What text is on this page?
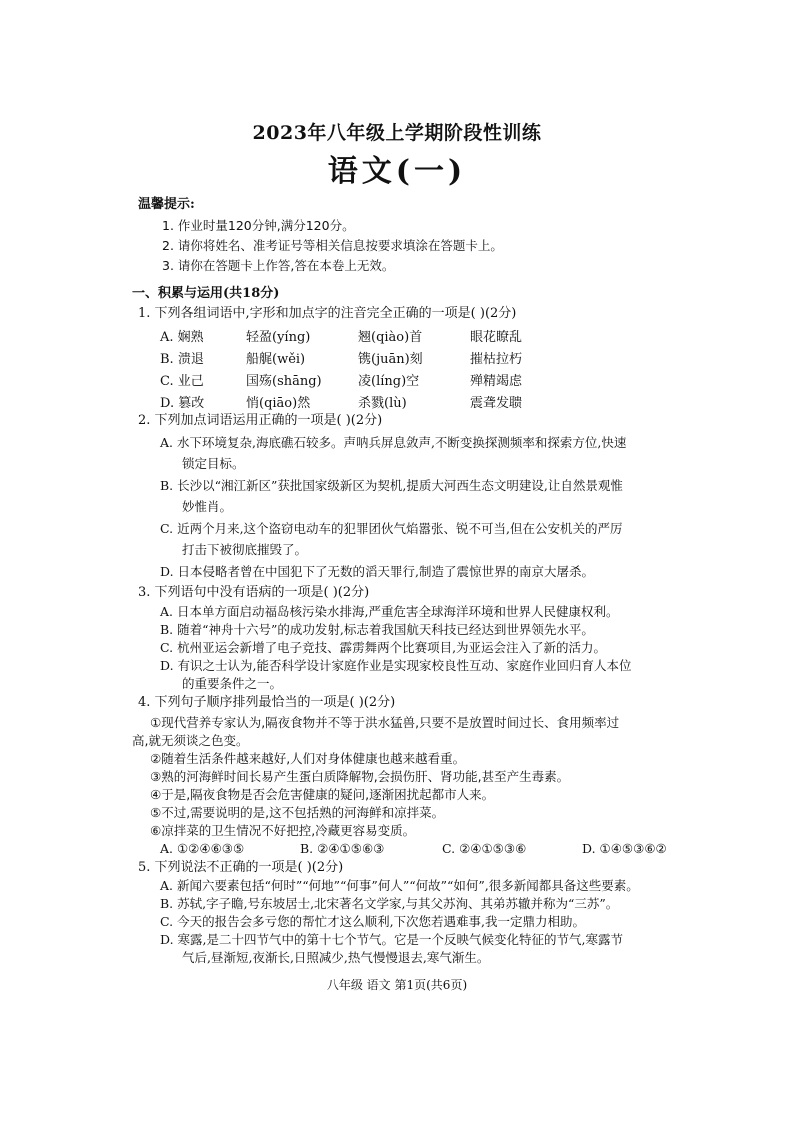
2023年八年级上学期阶段性训练
语文(一)
温馨提示:
1. 作业时量120分钟,满分120分。
2. 请你将姓名、准考证号等相关信息按要求填涂在答题卡上。
3. 请你在答题卡上作答,答在本卷上无效。
一、积累与运用(共18分)
1. 下列各组词语中,字形和加点字的注音完全正确的一项是( )(2分)
A. 娴熟	轻盈(yíng)	翘(qiào)首	眼花瞭乱
B. 溃退	船艉(wěi)	镌(juān)刻	摧枯拉朽
C. 业己	国殇(shāng)	凌(líng)空	殚精竭虑
D. 篡改	悄(qiāo)然	杀戮(lù)	震聋发聩
2. 下列加点词语运用正确的一项是( )(2分)
A. 水下环境复杂,海底礁石较多。声呐兵屏息敛声,不断变换探测频率和探索方位,快速
锁定目标。
B. 长沙以“湘江新区”获批国家级新区为契机,提质大河西生态文明建设,让自然景观惟
妙惟肖。
C. 近两个月来,这个盗窃电动车的犯罪团伙气焰嚣张、锐不可当,但在公安机关的严厉
打击下被彻底摧毁了。
D. 日本侵略者曾在中国犯下了无数的滔天罪行,制造了震惊世界的南京大屠杀。
3. 下列语句中没有语病的一项是( )(2分)
A. 日本单方面启动福岛核污染水排海,严重危害全球海洋环境和世界人民健康权利。
B. 随着“神舟十六号”的成功发射,标志着我国航天科技已经达到世界领先水平。
C. 杭州亚运会新增了电子竞技、霹雳舞两个比赛项目,为亚运会注入了新的活力。
D. 有识之士认为,能否科学设计家庭作业是实现家校良性互动、家庭作业回归育人本位
的重要条件之一。
4. 下列句子顺序排列最恰当的一项是( )(2分)
①现代营养专家认为,隔夜食物并不等于洪水猛兽,只要不是放置时间过长、食用频率过
高,就无须谈之色变。
②随着生活条件越来越好,人们对身体健康也越来越看重。
③熟的河海鲜时间长易产生蛋白质降解物,会损伤肝、肾功能,甚至产生毒素。
④于是,隔夜食物是否会危害健康的疑问,逐渐困扰起都市人来。
⑤不过,需要说明的是,这不包括熟的河海鲜和凉拌菜。
⑥凉拌菜的卫生情况不好把控,冷藏更容易变质。
A. ①②④⑥③⑤	B. ②④①⑤⑥③	C. ②④①⑤③⑥	D. ①④⑤③⑥②
5. 下列说法不正确的一项是( )(2分)
A. 新闻六要素包括“何时”“何地”“何事”何人”“何故”“如何”,很多新闻都具备这些要素。
B. 苏轼,字子瞻,号东坡居士,北宋著名文学家,与其父苏洵、其弟苏辙并称为“三苏”。
C. 今天的报告会多亏您的帮忙才这么顺利,下次您若遇难事,我一定鼎力相助。
D. 寒露,是二十四节气中的第十七个节气。它是一个反映气候变化特征的节气,寒露节
气后,昼渐短,夜渐长,日照减少,热气慢慢退去,寒气渐生。
八年级 语文 第1页(共6页)
